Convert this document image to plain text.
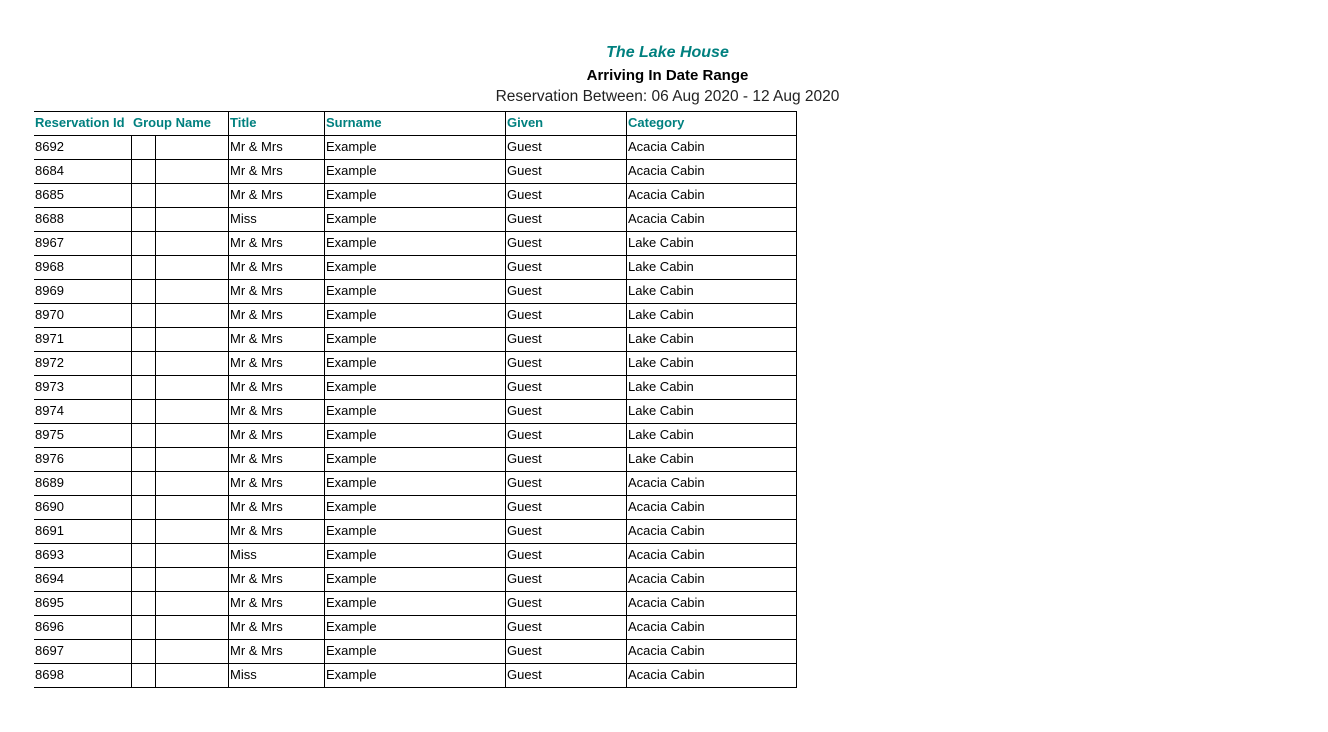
The Lake House
Arriving In Date Range
Reservation Between: 06 Aug 2020 - 12 Aug 2020
Reservation Id Group Name	Title	Surname	Given	Category
8692	Mr & Mrs	Example	Guest	Acacia Cabin
8684	Mr & Mrs	Example	Guest	Acacia Cabin
8685	Mr & Mrs	Example	Guest	Acacia Cabin
8688	Miss	Example	Guest	Acacia Cabin
8967	Mr & Mrs	Example	Guest	Lake Cabin
8968	Mr & Mrs	Example	Guest	Lake Cabin
8969	Mr & Mrs	Example	Guest	Lake Cabin
8970	Mr & Mrs	Example	Guest	Lake Cabin
8971	Mr & Mrs	Example	Guest	Lake Cabin
8972	Mr & Mrs	Example	Guest	Lake Cabin
8973	Mr & Mrs	Example	Guest	Lake Cabin
8974	Mr & Mrs	Example	Guest	Lake Cabin
8975	Mr & Mrs	Example	Guest	Lake Cabin
8976	Mr & Mrs	Example	Guest	Lake Cabin
8689	Mr & Mrs	Example	Guest	Acacia Cabin
8690	Mr & Mrs	Example	Guest	Acacia Cabin
8691	Mr & Mrs	Example	Guest	Acacia Cabin
8693	Miss	Example	Guest	Acacia Cabin
8694	Mr & Mrs	Example	Guest	Acacia Cabin
8695	Mr & Mrs	Example	Guest	Acacia Cabin
8696	Mr & Mrs	Example	Guest	Acacia Cabin
8697	Mr & Mrs	Example	Guest	Acacia Cabin
8698	Miss	Example	Guest	Acacia Cabin
